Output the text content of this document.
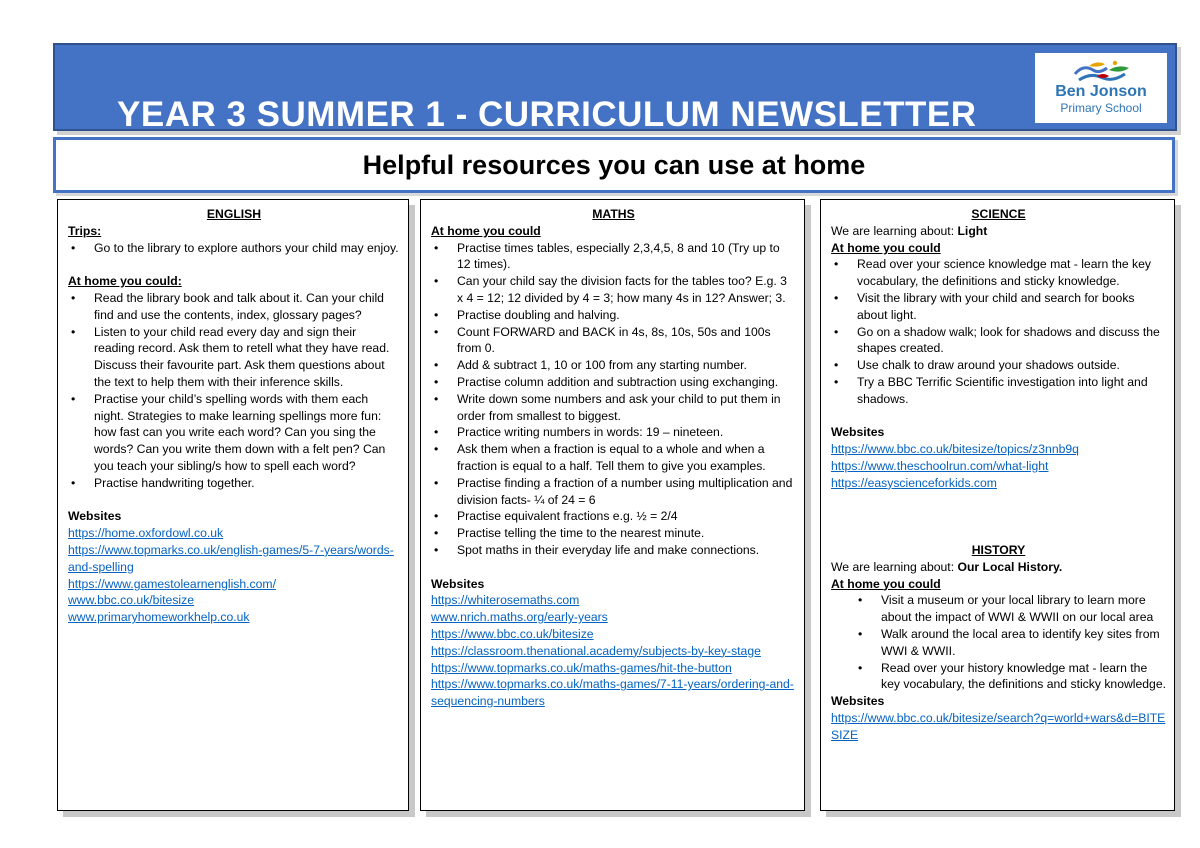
YEAR 3 SUMMER 1 - CURRICULUM NEWSLETTER
Ben Jonson
Primary School
Helpful resources you can use at home
ENGLISH
Trips:
• Go to the library to explore authors your child may enjoy.
At home you could:
• Read the library book and talk about it. Can your child find and use the contents, index, glossary pages?
• Listen to your child read every day and sign their reading record. Ask them to retell what they have read. Discuss their favourite part. Ask them questions about the text to help them with their inference skills.
• Practise your child’s spelling words with them each night. Strategies to make learning spellings more fun: how fast can you write each word? Can you sing the words? Can you write them down with a felt pen? Can you teach your sibling/s how to spell each word?
• Practise handwriting together.
Websites
https://home.oxfordowl.co.uk
https://www.topmarks.co.uk/english-games/5-7-years/words-and-spelling
https://www.gamestolearnenglish.com/
www.bbc.co.uk/bitesize
www.primaryhomeworkhelp.co.uk
MATHS
At home you could
• Practise times tables, especially 2,3,4,5, 8 and 10 (Try up to 12 times).
• Can your child say the division facts for the tables too? E.g. 3 x 4 = 12; 12 divided by 4 = 3; how many 4s in 12? Answer; 3.
• Practise doubling and halving.
• Count FORWARD and BACK in 4s, 8s, 10s, 50s and 100s from 0.
• Add & subtract 1, 10 or 100 from any starting number.
• Practise column addition and subtraction using exchanging.
• Write down some numbers and ask your child to put them in order from smallest to biggest.
• Practice writing numbers in words: 19 – nineteen.
• Ask them when a fraction is equal to a whole and when a fraction is equal to a half. Tell them to give you examples.
• Practise finding a fraction of a number using multiplication and division facts- ¼ of 24 = 6
• Practise equivalent fractions e.g. ½ = 2/4
• Practise telling the time to the nearest minute.
• Spot maths in their everyday life and make connections.
Websites
https://whiterosemaths.com
www.nrich.maths.org/early-years
https://www.bbc.co.uk/bitesize
https://classroom.thenational.academy/subjects-by-key-stage
https://www.topmarks.co.uk/maths-games/hit-the-button
https://www.topmarks.co.uk/maths-games/7-11-years/ordering-and-sequencing-numbers
SCIENCE
We are learning about: Light
At home you could
• Read over your science knowledge mat - learn the key vocabulary, the definitions and sticky knowledge.
• Visit the library with your child and search for books about light.
• Go on a shadow walk; look for shadows and discuss the shapes created.
• Use chalk to draw around your shadows outside.
• Try a BBC Terrific Scientific investigation into light and shadows.
Websites
https://www.bbc.co.uk/bitesize/topics/z3nnb9q
https://www.theschoolrun.com/what-light
https://easyscienceforkids.com
HISTORY
We are learning about: Our Local History.
At home you could
• Visit a museum or your local library to learn more about the impact of WWI & WWII on our local area
• Walk around the local area to identify key sites from WWI & WWII.
• Read over your history knowledge mat - learn the key vocabulary, the definitions and sticky knowledge.
Websites
https://www.bbc.co.uk/bitesize/search?q=world+wars&d=BITESIZE
